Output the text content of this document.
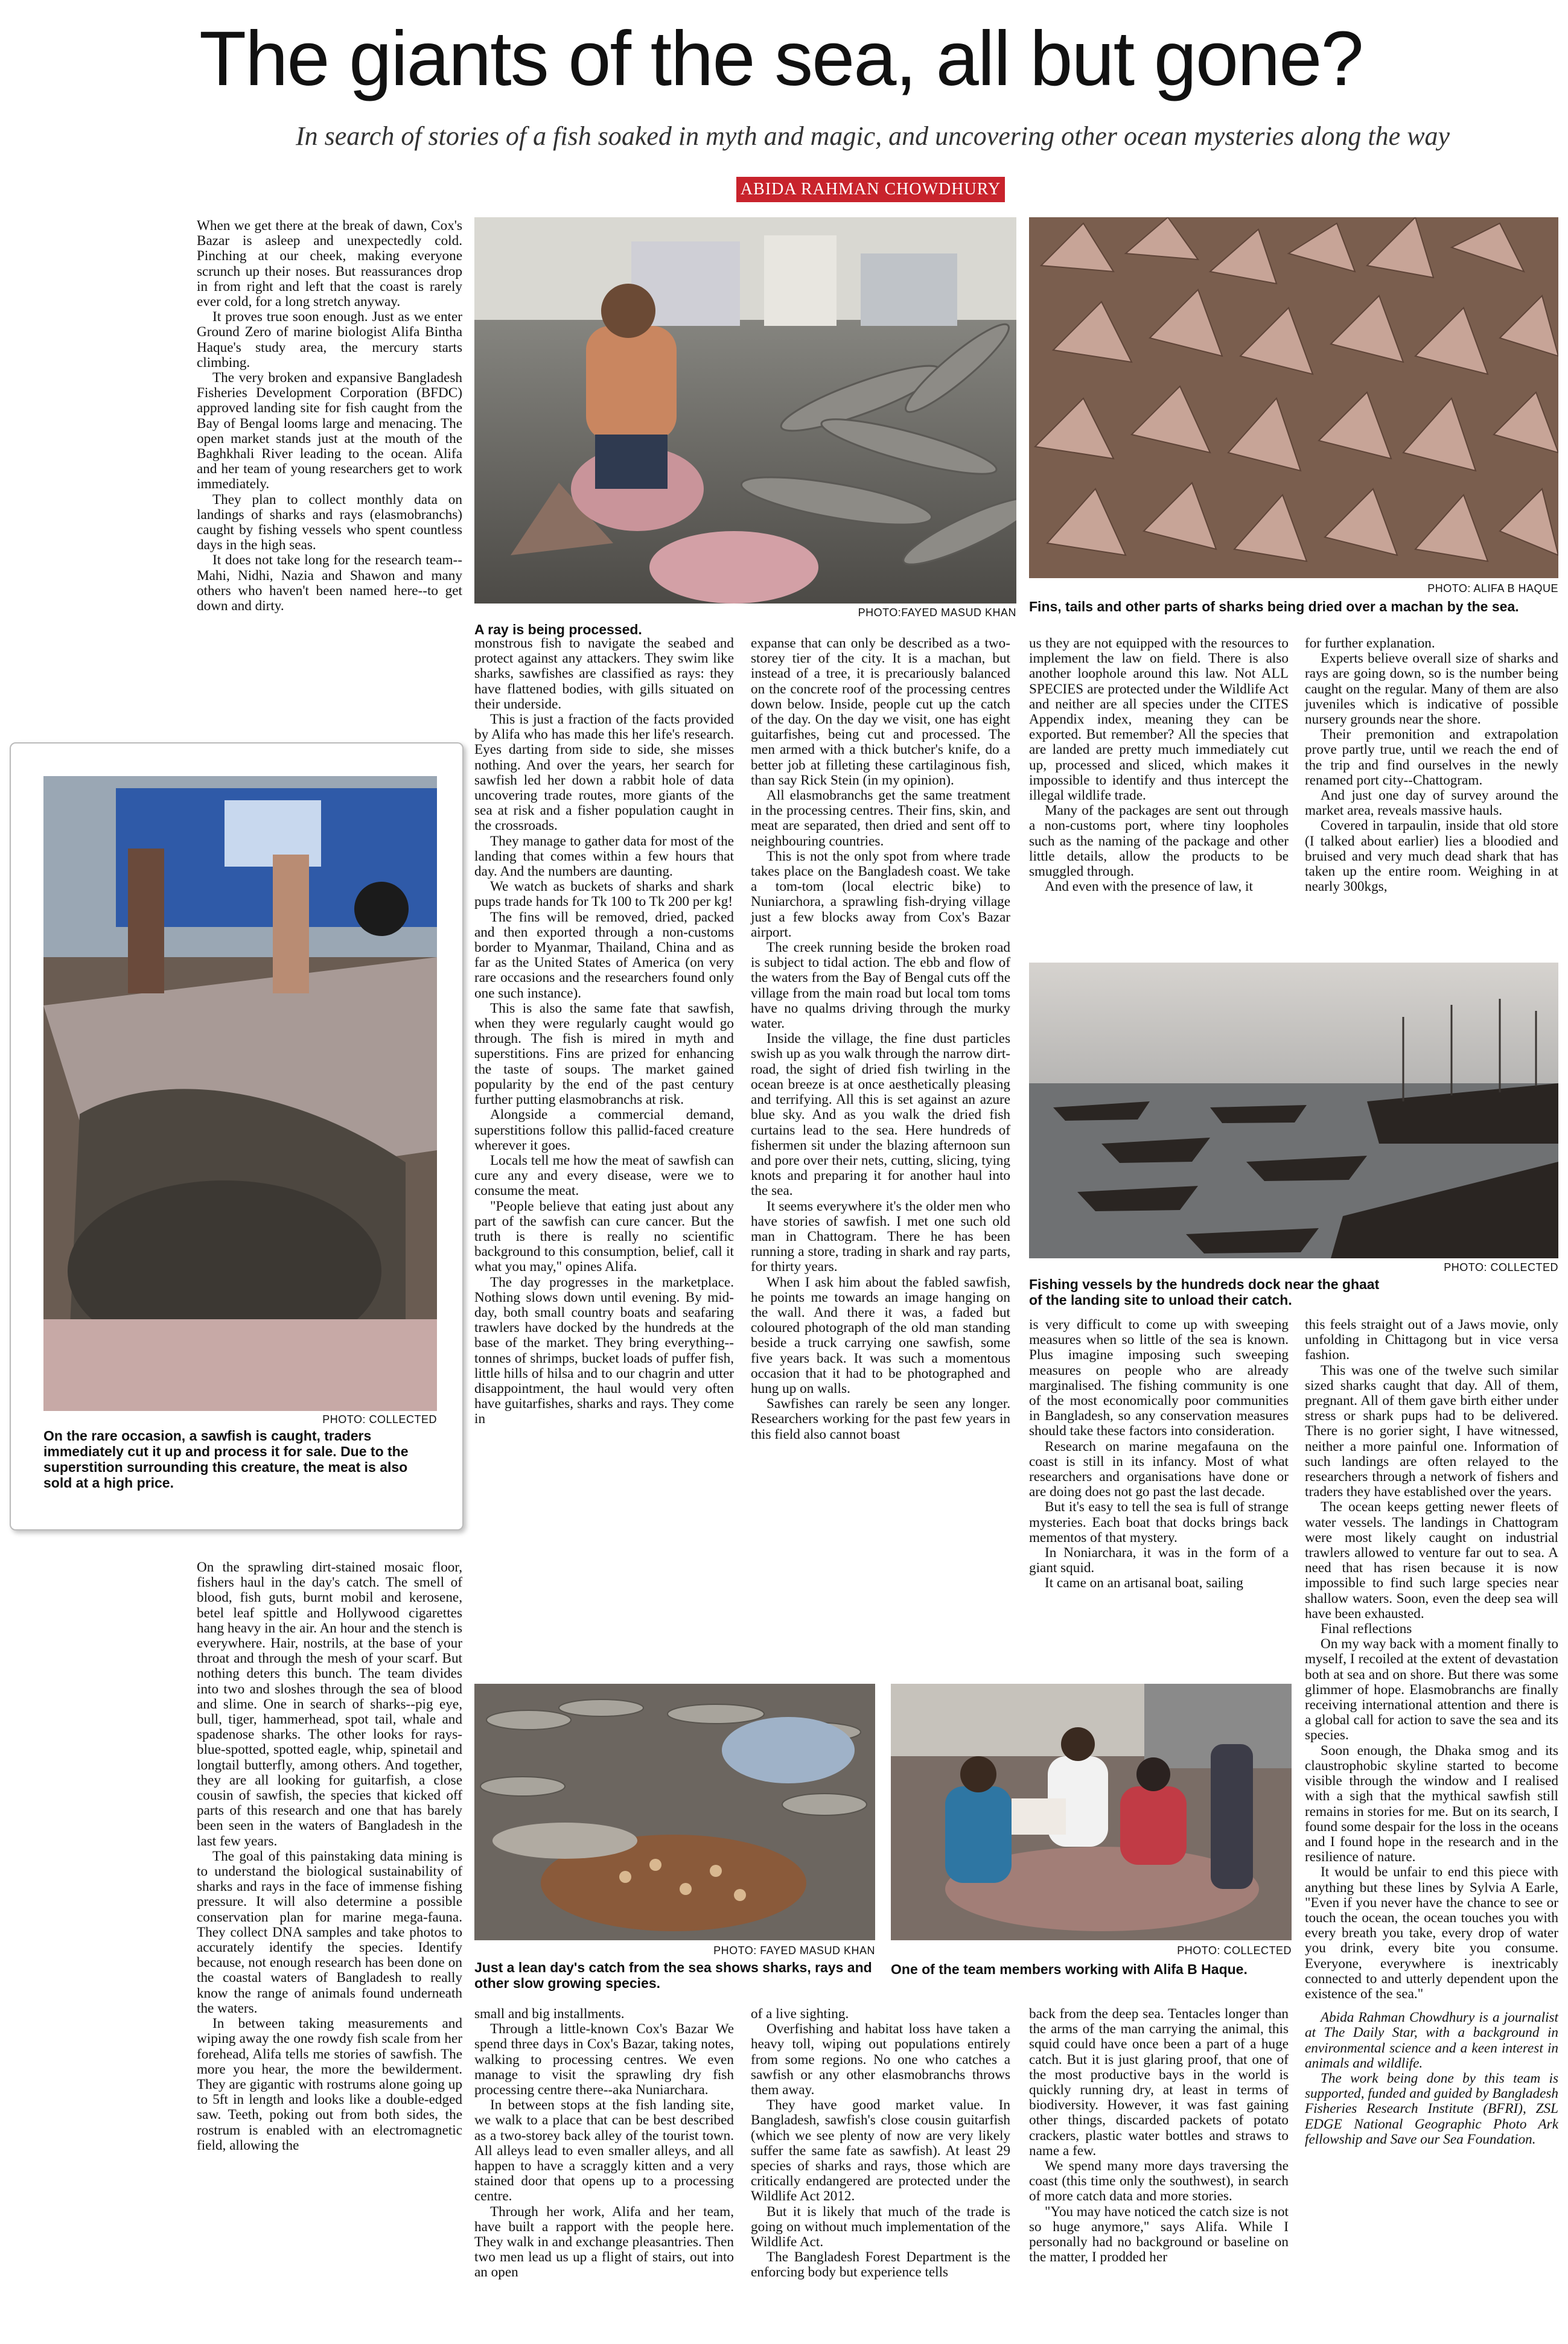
The giants of the sea, all but gone?
In search of stories of a fish soaked in myth and magic, and uncovering other ocean mysteries along the way
ABIDA RAHMAN CHOWDHURY
PHOTO:FAYED MASUD KHAN
A ray is being processed.
PHOTO: ALIFA B HAQUE
Fins, tails and other parts of sharks being dried over a machan by the sea.

When we get there at the break of dawn, Cox's Bazar is asleep and unexpectedly cold. Pinching at our cheek, making everyone scrunch up their noses. But reassurances drop in from right and left that the coast is rarely ever cold, for a long stretch anyway.

It proves true soon enough. Just as we enter Ground Zero of marine biologist Alifa Bintha Haque's study area, the mercury starts climbing.

The very broken and expansive Bangladesh Fisheries Development Corporation (BFDC) approved landing site for fish caught from the Bay of Bengal looms large and menacing. The open market stands just at the mouth of the Baghkhali River leading to the ocean. Alifa and her team of young researchers get to work immediately.

They plan to collect monthly data on landings of sharks and rays (elasmobranchs) caught by fishing vessels who spent countless days in the high seas.

It does not take long for the research team--Mahi, Nidhi, Nazia and Shawon and many others who haven't been named here--to get down and dirty.

PHOTO: COLLECTED
On the rare occasion, a sawfish is caught, traders immediately cut it up and process it for sale. Due to the superstition surrounding this creature, the meat is also sold at a high price.

On the sprawling dirt-stained mosaic floor, fishers haul in the day's catch. The smell of blood, fish guts, burnt mobil and kerosene, betel leaf spittle and Hollywood cigarettes hang heavy in the air. An hour and the stench is everywhere. Hair, nostrils, at the base of your throat and through the mesh of your scarf. But nothing deters this bunch. The team divides into two and sloshes through the sea of blood and slime. One in search of sharks--pig eye, bull, tiger, hammerhead, spot tail, whale and spadenose sharks. The other looks for rays- blue-spotted, spotted eagle, whip, spinetail and longtail butterfly, among others. And together, they are all looking for guitarfish, a close cousin of sawfish, the species that kicked off parts of this research and one that has barely been seen in the waters of Bangladesh in the last few years.

The goal of this painstaking data mining is to understand the biological sustainability of sharks and rays in the face of immense fishing pressure. It will also determine a possible conservation plan for marine mega-fauna. They collect DNA samples and take photos to accurately identify the species. Identify because, not enough research has been done on the coastal waters of Bangladesh to really know the range of animals found underneath the waters.

In between taking measurements and wiping away the one rowdy fish scale from her forehead, Alifa tells me stories of sawfish. The more you hear, the more the bewilderment. They are gigantic with rostrums alone going up to 5ft in length and looks like a double-edged saw. Teeth, poking out from both sides, the rostrum is enabled with an electromagnetic field, allowing the

monstrous fish to navigate the seabed and protect against any attackers. They swim like sharks, sawfishes are classified as rays: they have flattened bodies, with gills situated on their underside.

This is just a fraction of the facts provided by Alifa who has made this her life's research. Eyes darting from side to side, she misses nothing. And over the years, her search for sawfish led her down a rabbit hole of data uncovering trade routes, more giants of the sea at risk and a fisher population caught in the crossroads.

They manage to gather data for most of the landing that comes within a few hours that day. And the numbers are daunting.

We watch as buckets of sharks and shark pups trade hands for Tk 100 to Tk 200 per kg!

The fins will be removed, dried, packed and then exported through a non-customs border to Myanmar, Thailand, China and as far as the United States of America (on very rare occasions and the researchers found only one such instance).

This is also the same fate that sawfish, when they were regularly caught would go through. The fish is mired in myth and superstitions. Fins are prized for enhancing the taste of soups. The market gained popularity by the end of the past century further putting elasmobranchs at risk.

Alongside a commercial demand, superstitions follow this pallid-faced creature wherever it goes.

Locals tell me how the meat of sawfish can cure any and every disease, were we to consume the meat.

"People believe that eating just about any part of the sawfish can cure cancer. But the truth is there is really no scientific background to this consumption, belief, call it what you may," opines Alifa.

The day progresses in the marketplace. Nothing slows down until evening. By mid-day, both small country boats and seafaring trawlers have docked by the hundreds at the base of the market. They bring everything--tonnes of shrimps, bucket loads of puffer fish, little hills of hilsa and to our chagrin and utter disappointment, the haul would very often have guitarfishes, sharks and rays. They come in

expanse that can only be described as a two-storey tier of the city. It is a machan, but instead of a tree, it is precariously balanced on the concrete roof of the processing centres down below. Inside, people cut up the catch of the day. On the day we visit, one has eight guitarfishes, being cut and processed. The men armed with a thick butcher's knife, do a better job at filleting these cartilaginous fish, than say Rick Stein (in my opinion).

All elasmobranchs get the same treatment in the processing centres. Their fins, skin, and meat are separated, then dried and sent off to neighbouring countries.

This is not the only spot from where trade takes place on the Bangladesh coast. We take a tom-tom (local electric bike) to Nuniarchora, a sprawling fish-drying village just a few blocks away from Cox's Bazar airport.

The creek running beside the broken road is subject to tidal action. The ebb and flow of the waters from the Bay of Bengal cuts off the village from the main road but local tom toms have no qualms driving through the murky water.

Inside the village, the fine dust particles swish up as you walk through the narrow dirt-road, the sight of dried fish twirling in the ocean breeze is at once aesthetically pleasing and terrifying. All this is set against an azure blue sky. And as you walk the dried fish curtains lead to the sea. Here hundreds of fishermen sit under the blazing afternoon sun and pore over their nets, cutting, slicing, tying knots and preparing it for another haul into the sea.

It seems everywhere it's the older men who have stories of sawfish. I met one such old man in Chattogram. There he has been running a store, trading in shark and ray parts, for thirty years.

When I ask him about the fabled sawfish, he points me towards an image hanging on the wall. And there it was, a faded but coloured photograph of the old man standing beside a truck carrying one sawfish, some five years back. It was such a momentous occasion that it had to be photographed and hung up on walls.

Sawfishes can rarely be seen any longer. Researchers working for the past few years in this field also cannot boast

us they are not equipped with the resources to implement the law on field. There is also another loophole around this law. Not ALL SPECIES are protected under the Wildlife Act and neither are all species under the CITES Appendix index, meaning they can be exported. But remember? All the species that are landed are pretty much immediately cut up, processed and sliced, which makes it impossible to identify and thus intercept the illegal wildlife trade.

Many of the packages are sent out through a non-customs port, where tiny loopholes such as the naming of the package and other little details, allow the products to be smuggled through.

And even with the presence of law, it

for further explanation.

Experts believe overall size of sharks and rays are going down, so is the number being caught on the regular. Many of them are also juveniles which is indicative of possible nursery grounds near the shore.

Their premonition and extrapolation prove partly true, until we reach the end of the trip and find ourselves in the newly renamed port city--Chattogram.

And just one day of survey around the market area, reveals massive hauls.

Covered in tarpaulin, inside that old store (I talked about earlier) lies a bloodied and bruised and very much dead shark that has taken up the entire room. Weighing in at nearly 300kgs,

PHOTO: COLLECTED
Fishing vessels by the hundreds dock near the ghaat of the landing site to unload their catch.

is very difficult to come up with sweeping measures when so little of the sea is known. Plus imagine imposing such sweeping measures on people who are already marginalised. The fishing community is one of the most economically poor communities in Bangladesh, so any conservation measures should take these factors into consideration.

Research on marine megafauna on the coast is still in its infancy. Most of what researchers and organisations have done or are doing does not go past the last decade.

But it's easy to tell the sea is full of strange mysteries. Each boat that docks brings back mementos of that mystery.

In Noniarchara, it was in the form of a giant squid.

It came on an artisanal boat, sailing

this feels straight out of a Jaws movie, only unfolding in Chittagong but in vice versa fashion.

This was one of the twelve such similar sized sharks caught that day. All of them, pregnant. All of them gave birth either under stress or shark pups had to be delivered. There is no gorier sight, I have witnessed, neither a more painful one. Information of such landings are often relayed to the researchers through a network of fishers and traders they have established over the years.

The ocean keeps getting newer fleets of water vessels. The landings in Chattogram were most likely caught on industrial trawlers allowed to venture far out to sea. A need that has risen because it is now impossible to find such large species near shallow waters. Soon, even the deep sea will have been exhausted.

Final reflections

On my way back with a moment finally to myself, I recoiled at the extent of devastation both at sea and on shore. But there was some glimmer of hope. Elasmobranchs are finally receiving international attention and there is a global call for action to save the sea and its species.

Soon enough, the Dhaka smog and its claustrophobic skyline started to become visible through the window and I realised with a sigh that the mythical sawfish still remains in stories for me. But on its search, I found some despair for the loss in the oceans and I found hope in the research and in the resilience of nature.

It would be unfair to end this piece with anything but these lines by Sylvia A Earle, "Even if you never have the chance to see or touch the ocean, the ocean touches you with every breath you take, every drop of water you drink, every bite you consume. Everyone, everywhere is inextricably connected to and utterly dependent upon the existence of the sea."

Abida Rahman Chowdhury is a journalist at The Daily Star, with a background in environmental science and a keen interest in animals and wildlife.

The work being done by this team is supported, funded and guided by Bangladesh Fisheries Research Institute (BFRI), ZSL EDGE National Geographic Photo Ark fellowship and Save our Sea Foundation.

PHOTO: FAYED MASUD KHAN
Just a lean day's catch from the sea shows sharks, rays and other slow growing species.
PHOTO: COLLECTED
One of the team members working with Alifa B Haque.

small and big installments.

Through a little-known Cox's Bazar We spend three days in Cox's Bazar, taking notes, walking to processing centres. We even manage to visit the sprawling dry fish processing centre there--aka Nuniarchara.

In between stops at the fish landing site, we walk to a place that can be best described as a two-storey back alley of the tourist town. All alleys lead to even smaller alleys, and all happen to have a scraggly kitten and a very stained door that opens up to a processing centre.

Through her work, Alifa and her team, have built a rapport with the people here. They walk in and exchange pleasantries. Then two men lead us up a flight of stairs, out into an open

of a live sighting.

Overfishing and habitat loss have taken a heavy toll, wiping out populations entirely from some regions. No one who catches a sawfish or any other elasmobranchs throws them away.

They have good market value. In Bangladesh, sawfish's close cousin guitarfish (which we see plenty of now are very likely suffer the same fate as sawfish). At least 29 species of sharks and rays, those which are critically endangered are protected under the Wildlife Act 2012.

But it is likely that much of the trade is going on without much implementation of the Wildlife Act.

The Bangladesh Forest Department is the enforcing body but experience tells

back from the deep sea. Tentacles longer than the arms of the man carrying the animal, this squid could have once been a part of a huge catch. But it is just glaring proof, that one of the most productive bays in the world is quickly running dry, at least in terms of biodiversity. However, it was fast gaining other things, discarded packets of potato crackers, plastic water bottles and straws to name a few.

We spend many more days traversing the coast (this time only the southwest), in search of more catch data and more stories.

"You may have noticed the catch size is not so huge anymore," says Alifa. While I personally had no background or baseline on the matter, I prodded her
